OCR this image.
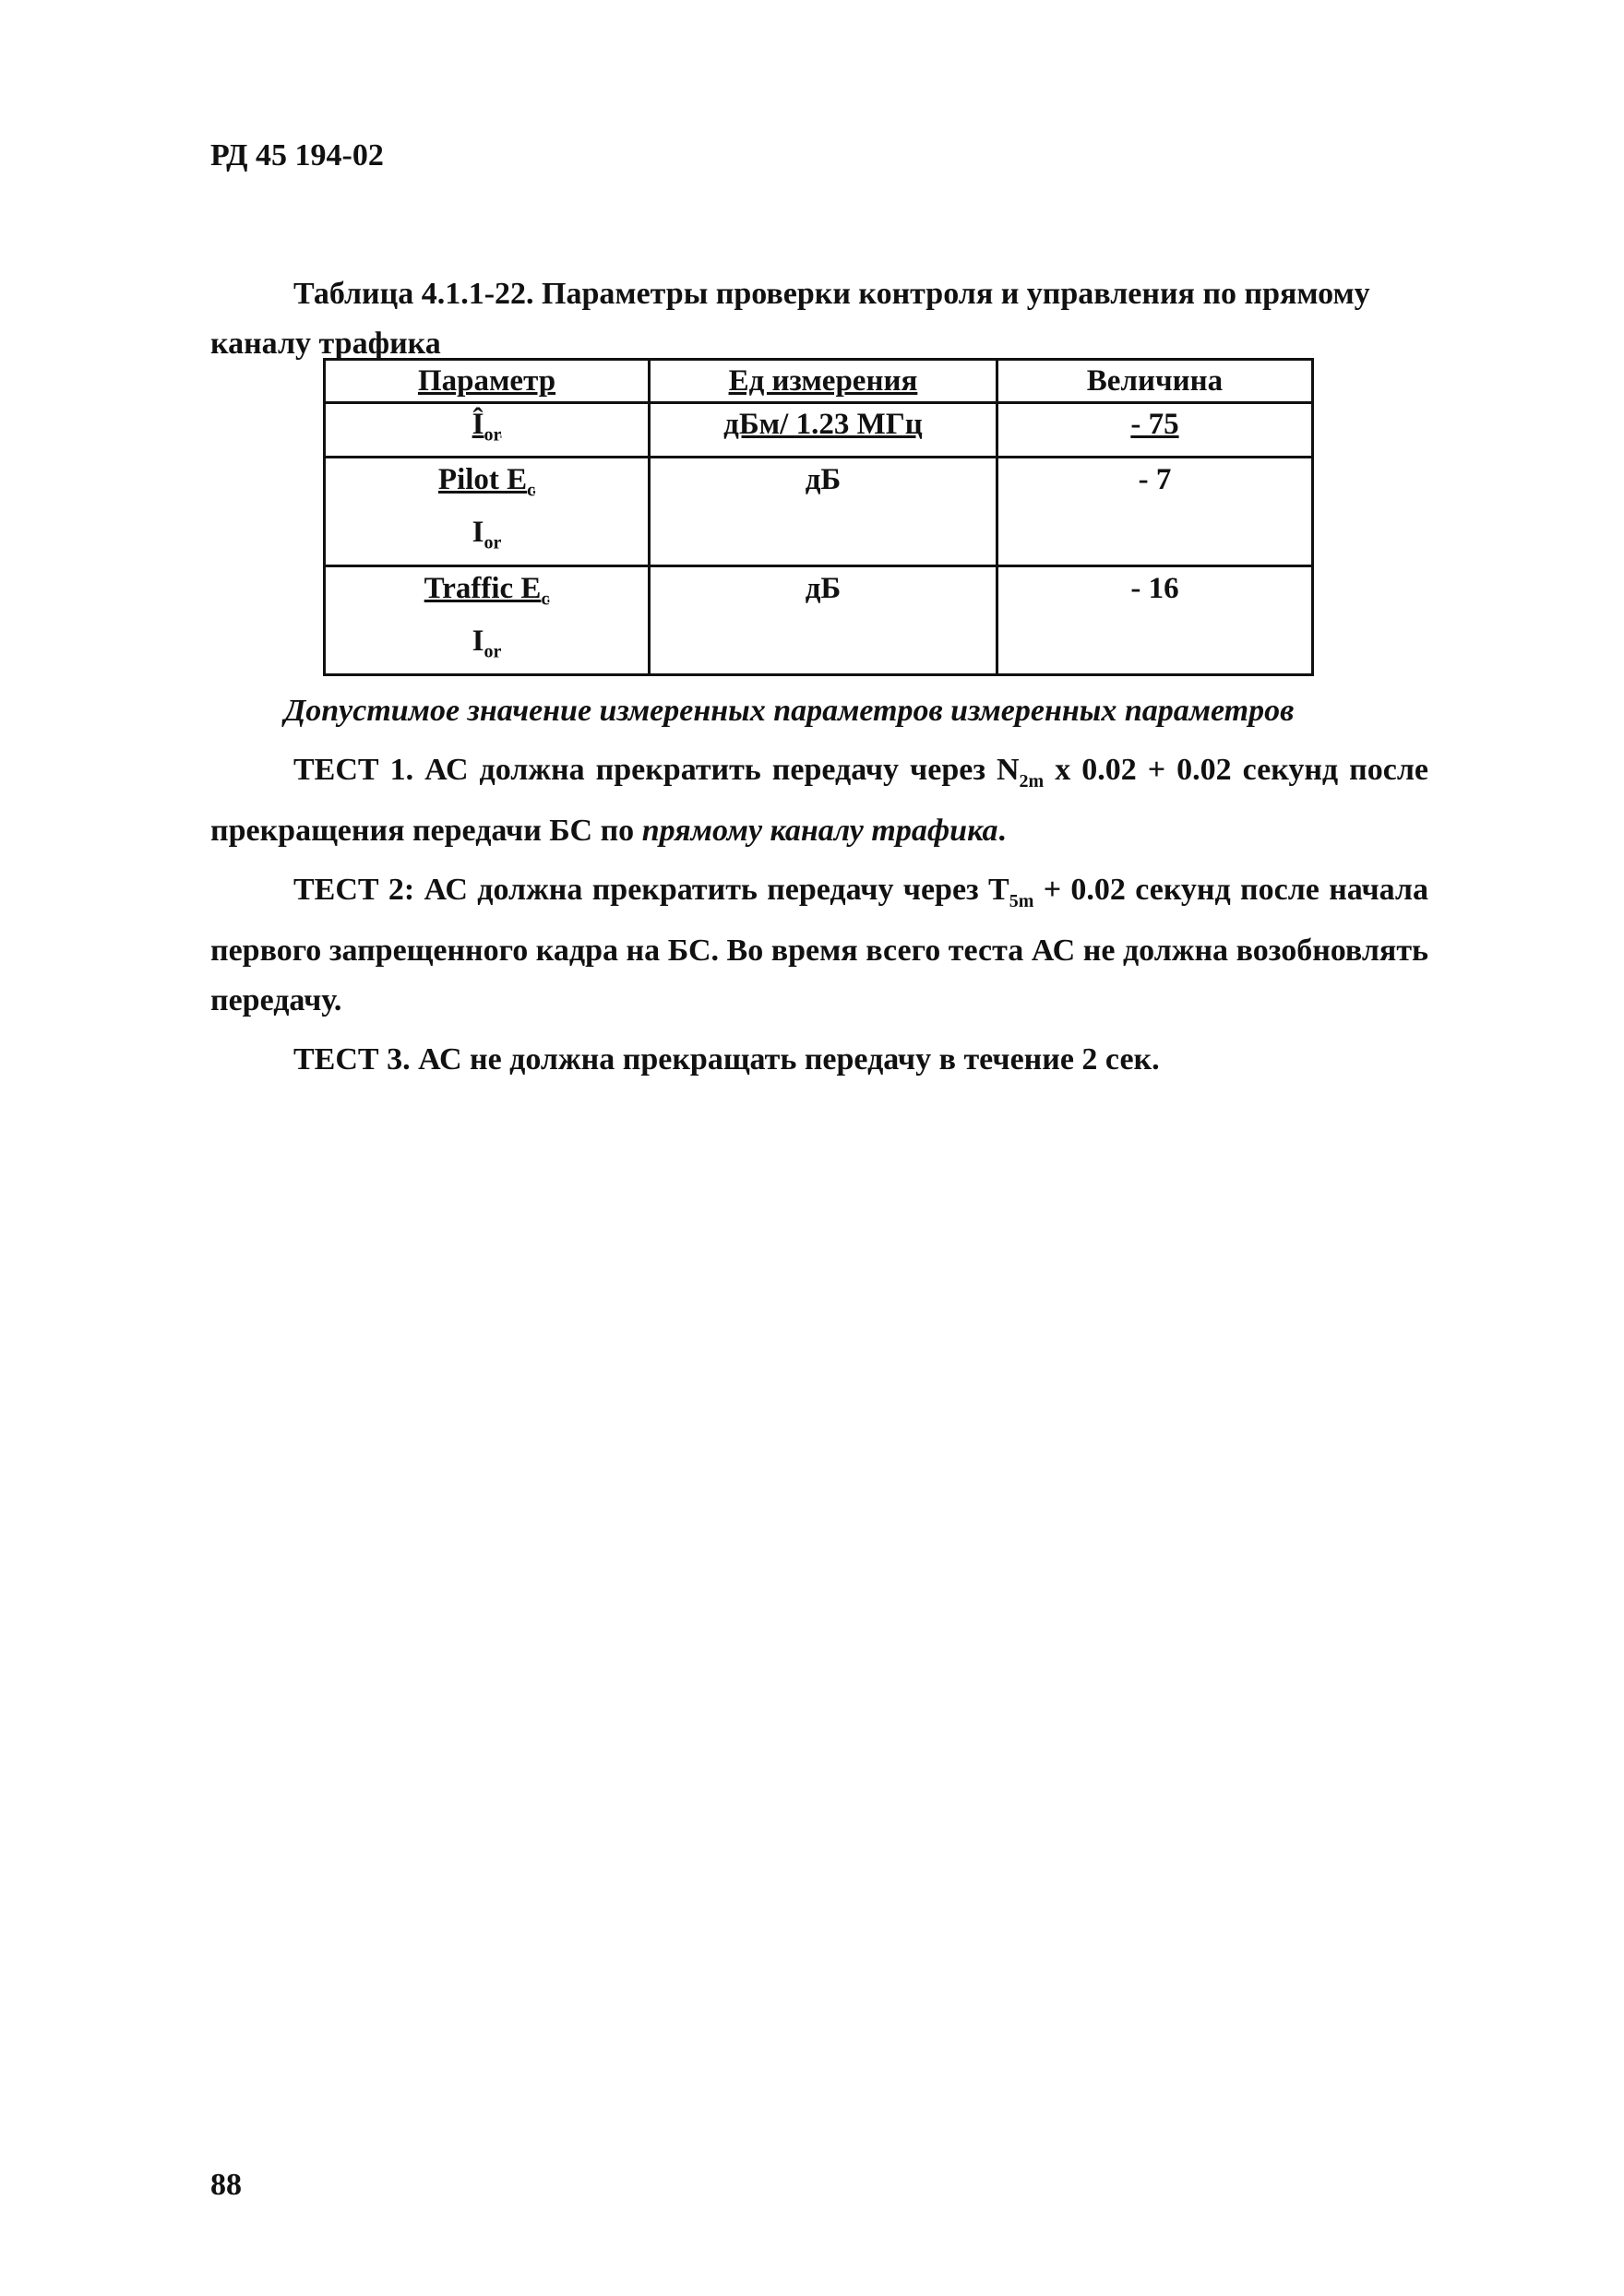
РД 45 194-02
Таблица 4.1.1-22. Параметры проверки контроля и управления по прямому каналу трафика
Параметр	Ед измерения	Величина
$Î_{or}$	дБм/ 1.23 МГц	- 75

$\frac{Pilot E_c}{I_{or}}$	дБ	- 7

$\frac{Traffic E_c}{I_{or}}$	дБ	- 16

Допустимое значение измеренных параметров измеренных параметров

ТЕСТ 1. АС должна прекратить передачу через $N_{2m}$ x 0.02 + 0.02 секунд после прекращения передачи БС по прямому каналу трафика.

ТЕСТ 2: АС должна прекратить передачу через $T_{5m} + 0.02$ секунд после начала первого запрещенного кадра на БС. Во время всего теста АС не должна возобновлять передачу.

ТЕСТ 3. АС не должна прекращать передачу в течение 2 сек.

88
